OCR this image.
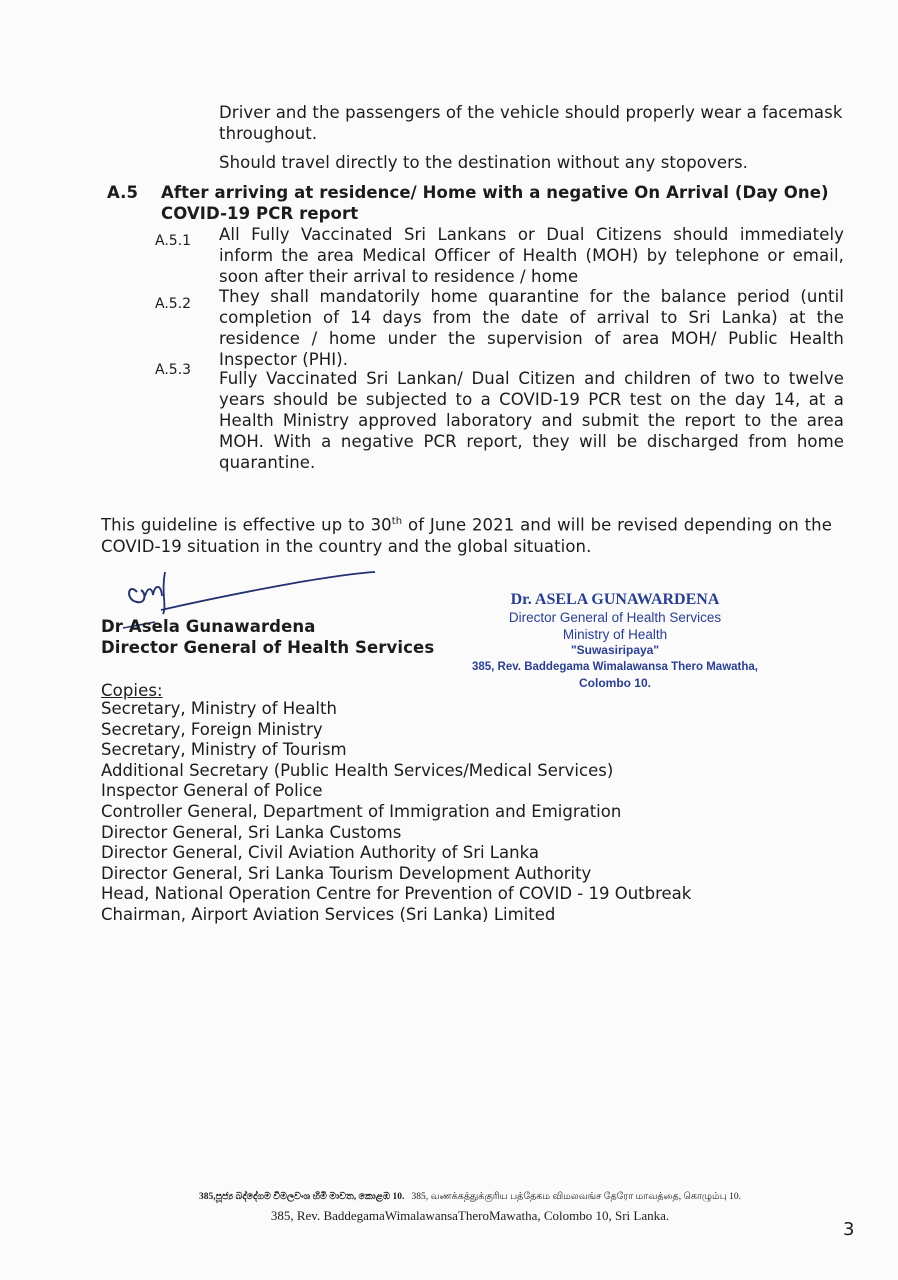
Driver and the passengers of the vehicle should properly wear a facemask throughout.
Should travel directly to the destination without any stopovers.
A.5 After arriving at residence/ Home with a negative On Arrival (Day One) COVID-19 PCR report
A.5.1 All Fully Vaccinated Sri Lankans or Dual Citizens should immediately inform the area Medical Officer of Health (MOH) by telephone or email, soon after their arrival to residence / home
A.5.2 They shall mandatorily home quarantine for the balance period (until completion of 14 days from the date of arrival to Sri Lanka) at the residence / home under the supervision of area MOH/ Public Health Inspector (PHI).
A.5.3 Fully Vaccinated Sri Lankan/ Dual Citizen and children of two to twelve years should be subjected to a COVID-19 PCR test on the day 14, at a Health Ministry approved laboratory and submit the report to the area MOH. With a negative PCR report, they will be discharged from home quarantine.
This guideline is effective up to 30th of June 2021 and will be revised depending on the COVID-19 situation in the country and the global situation.
Dr Asela Gunawardena
Director General of Health Services
Dr. ASELA GUNAWARDENA
Director General of Health Services
Ministry of Health
"Suwasiripaya"
385, Rev. Baddegama Wimalawansa Thero Mawatha,
Colombo 10.
Copies:
Secretary, Ministry of Health
Secretary, Foreign Ministry
Secretary, Ministry of Tourism
Additional Secretary (Public Health Services/Medical Services)
Inspector General of Police
Controller General, Department of Immigration and Emigration
Director General, Sri Lanka Customs
Director General, Civil Aviation Authority of Sri Lanka
Director General, Sri Lanka Tourism Development Authority
Head, National Operation Centre for Prevention of COVID - 19 Outbreak
Chairman, Airport Aviation Services (Sri Lanka) Limited
385,පූජ්‍ය බද්දේගම විමලවංශ හිමි මාවත, කොළඹ 10. 385, வணக்கத்துக்குரிய பத்தேகம விமலவங்ச தேரோ மாவத்தை, கொழும்பு 10.
385, Rev. BaddegamaWimalawansaTheroMawatha, Colombo 10, Sri Lanka.
3
